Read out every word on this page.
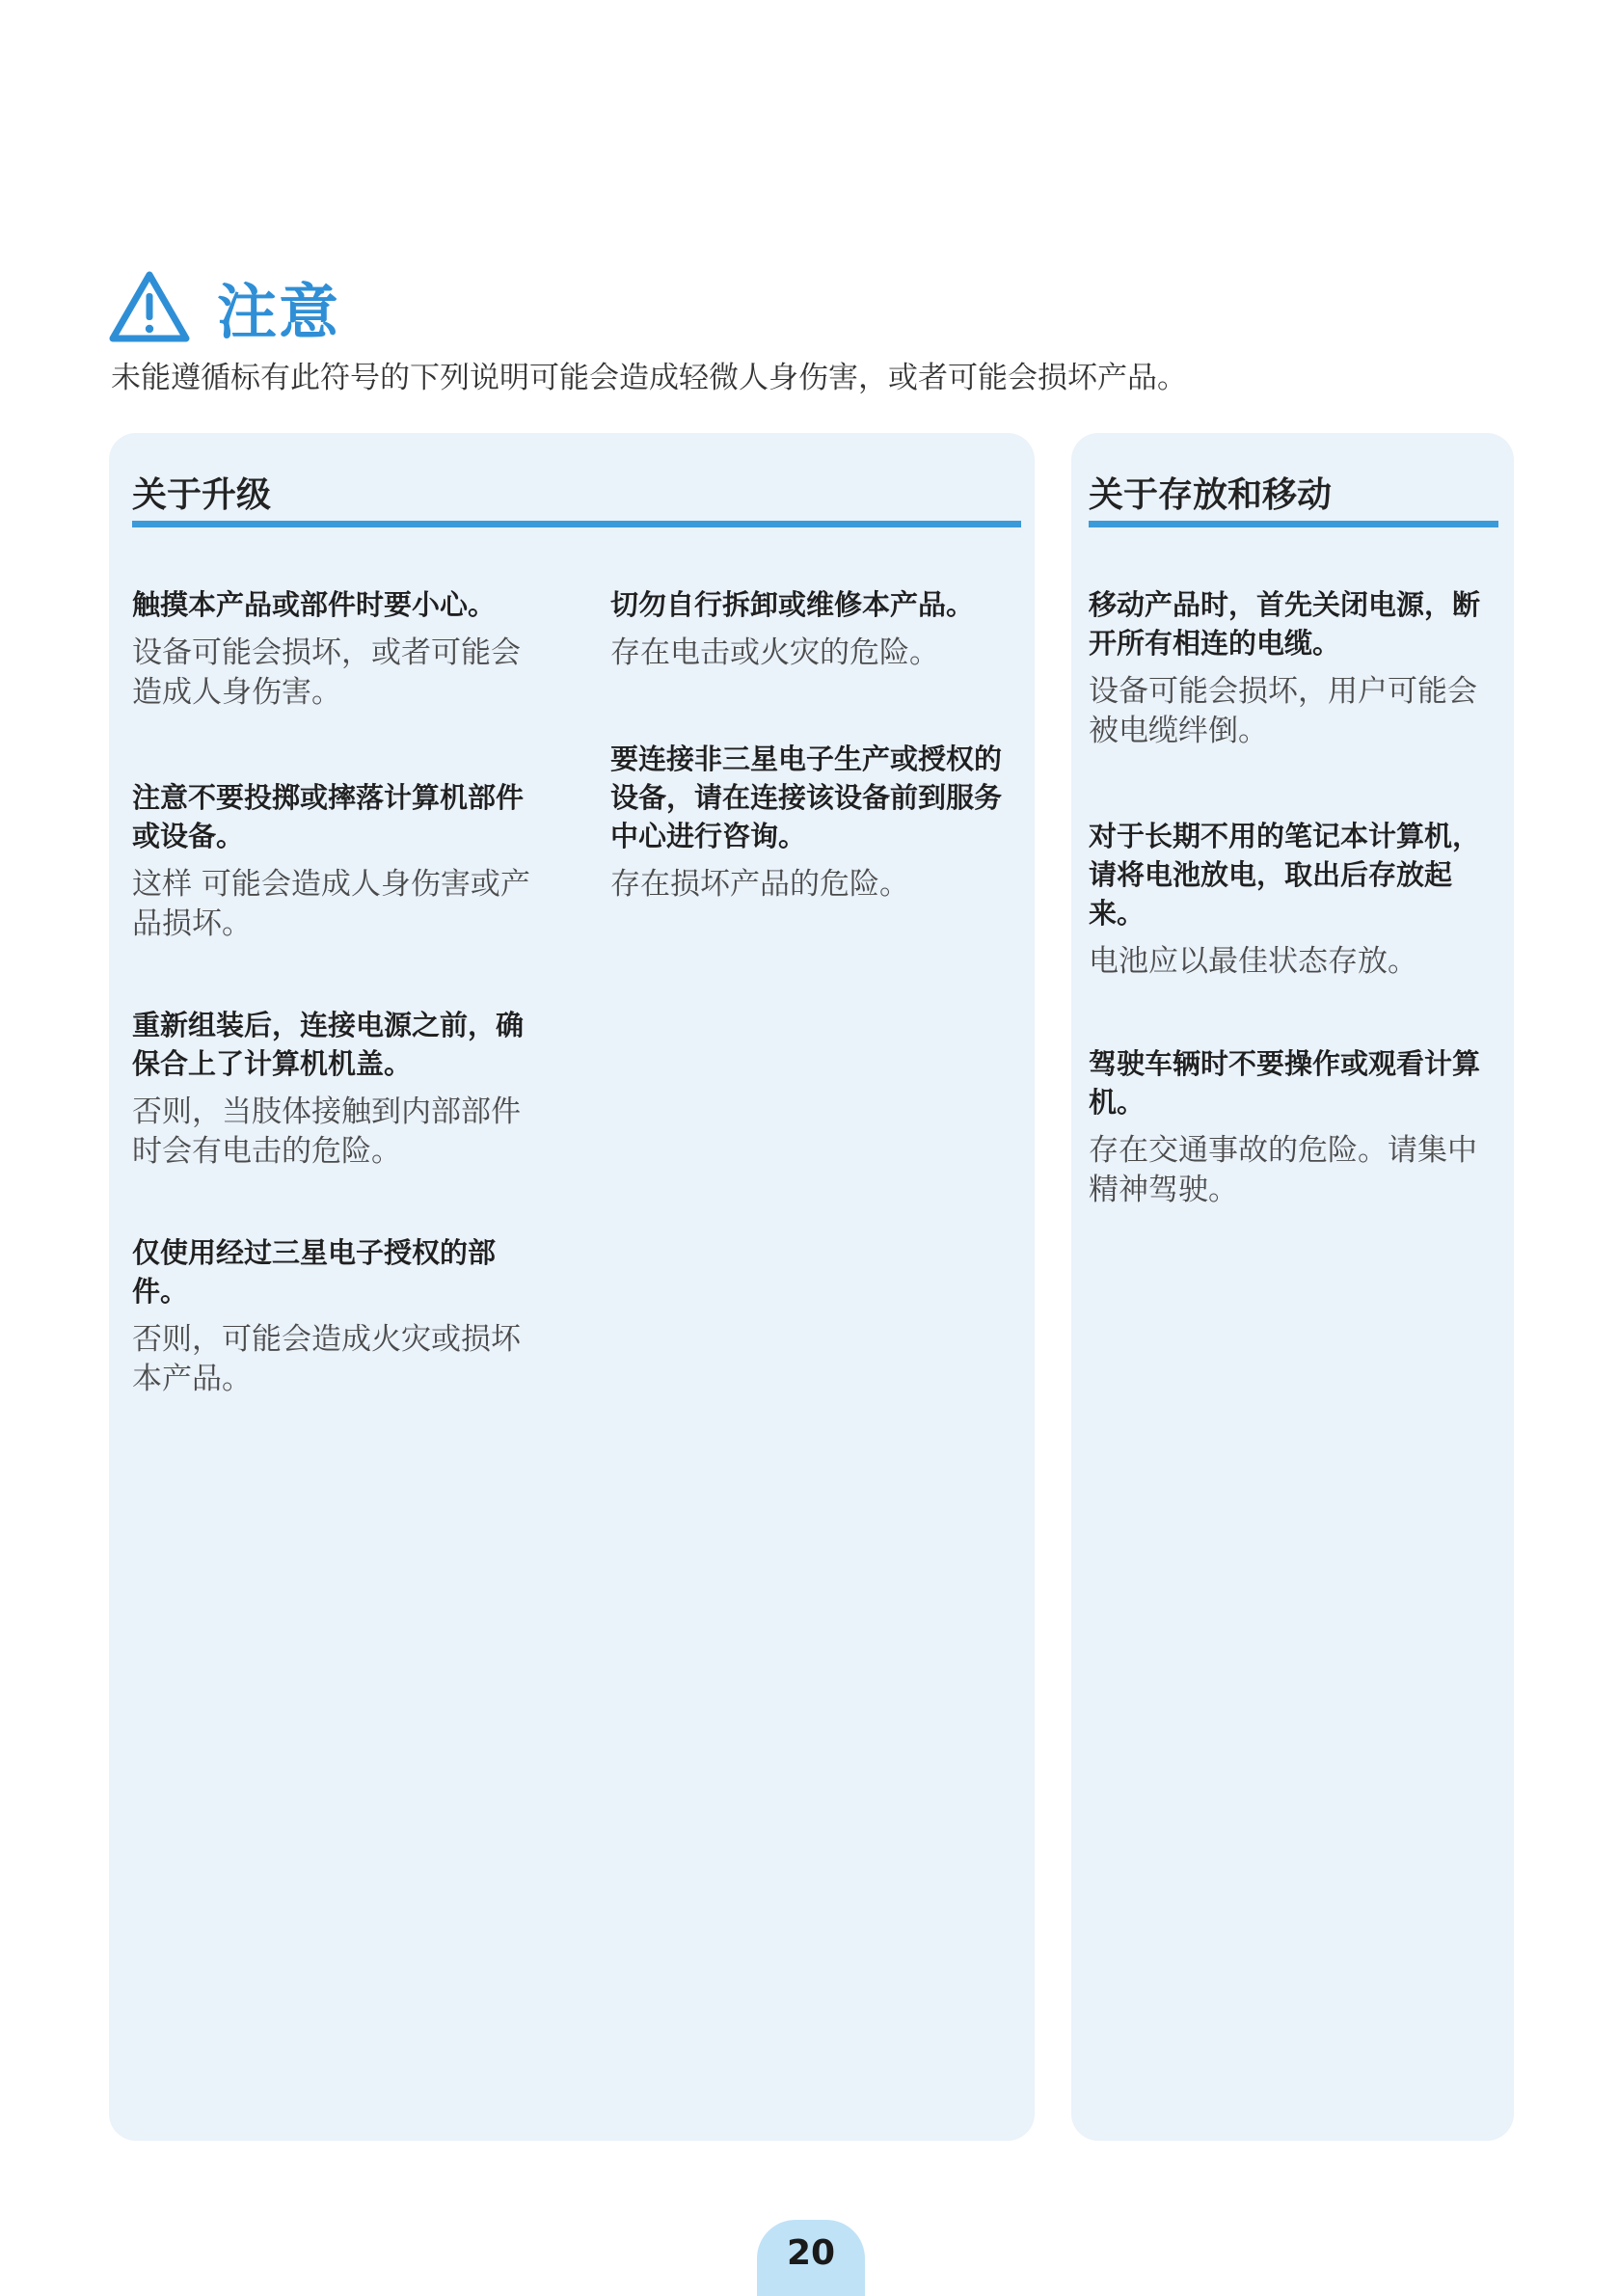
注意
未能遵循标有此符号的下列说明可能会造成轻微人身伤害，或者可能会损坏产品。
关于升级
触摸本产品或部件时要小心。
设备可能会损坏，或者可能会造成人身伤害。
注意不要投掷或摔落计算机部件或设备。
这样 可能会造成人身伤害或产品损坏。
重新组装后，连接电源之前，确保合上了计算机机盖。
否则，当肢体接触到内部部件时会有电击的危险。
仅使用经过三星电子授权的部件。
否则，可能会造成火灾或损坏本产品。
切勿自行拆卸或维修本产品。
存在电击或火灾的危险。
要连接非三星电子生产或授权的设备，请在连接该设备前到服务中心进行咨询。
存在损坏产品的危险。
关于存放和移动
移动产品时，首先关闭电源，断开所有相连的电缆。
设备可能会损坏，用户可能会被电缆绊倒。
对于长期不用的笔记本计算机，请将电池放电，取出后存放起来。
电池应以最佳状态存放。
驾驶车辆时不要操作或观看计算机。
存在交通事故的危险。请集中精神驾驶。
20
